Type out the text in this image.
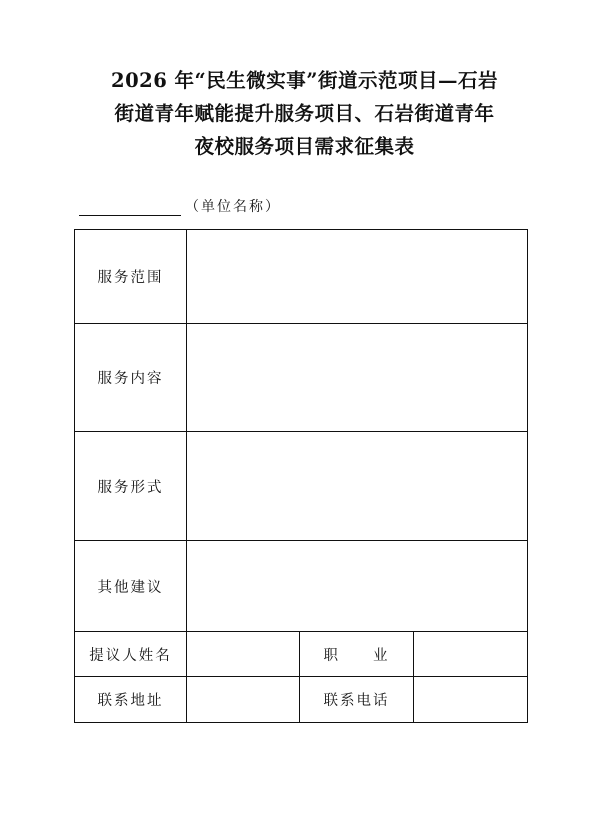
2026 年“民生微实事”街道示范项目—石岩
街道青年赋能提升服务项目、石岩街道青年
夜校服务项目需求征集表
（单位名称）
服务范围			
服务内容			
服务形式			
其他建议			
提议人姓名		职　　业	
联系地址		联系电话	
